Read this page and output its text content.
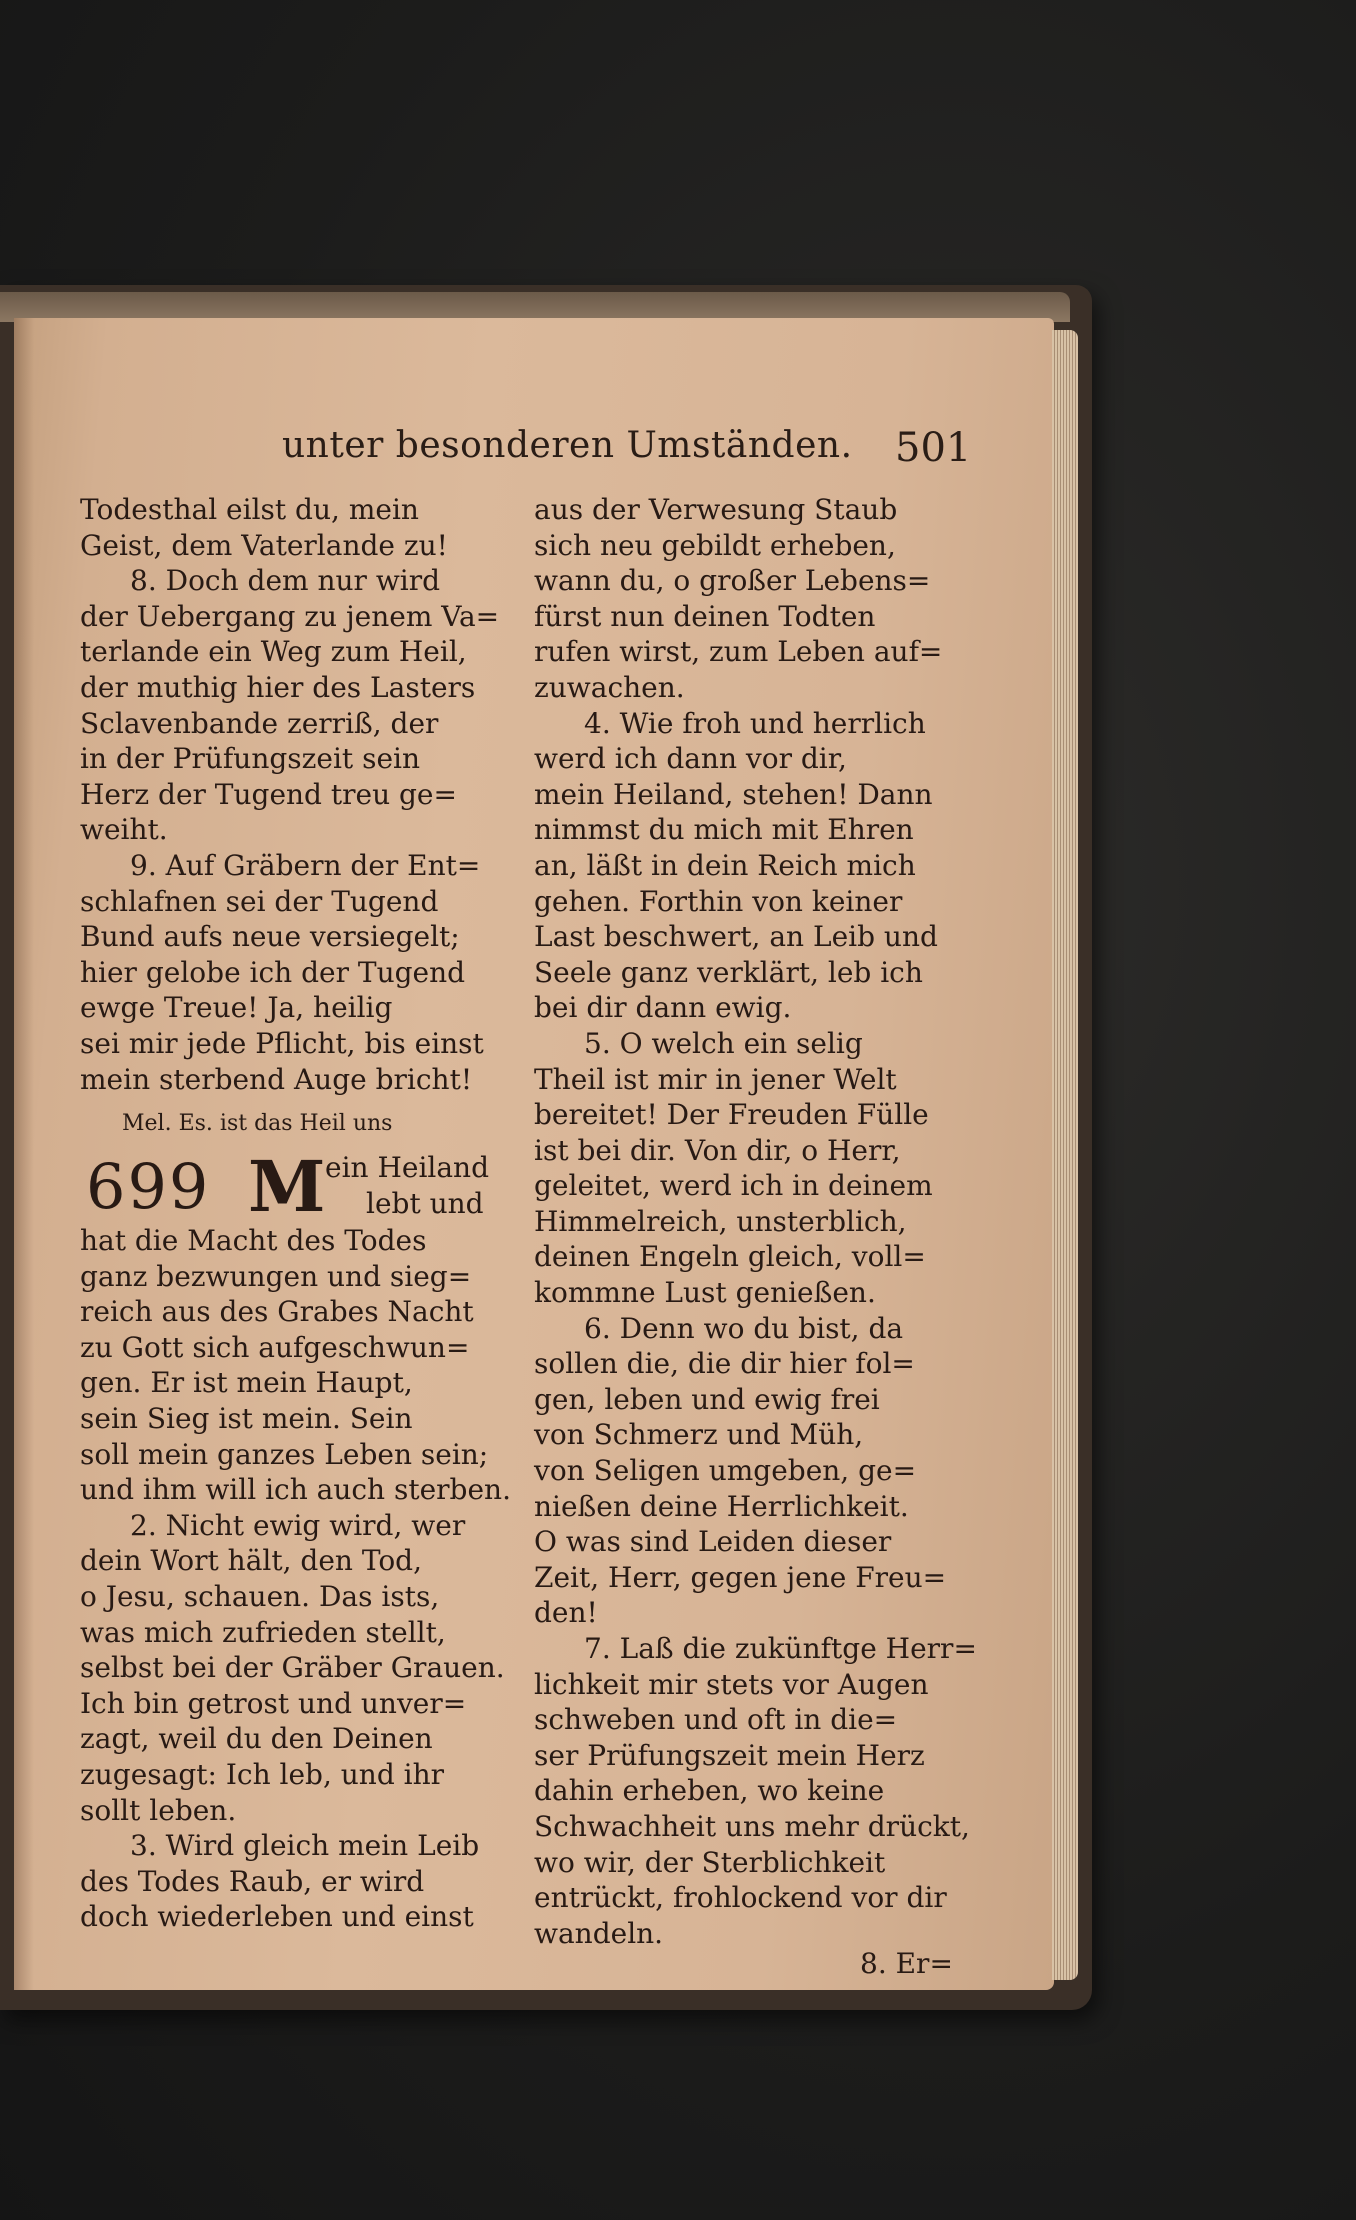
unter besonderen Umständen. 501
Todesthal eilst du, mein
Geist, dem Vaterlande zu!
8. Doch dem nur wird
der Uebergang zu jenem Va=
terlande ein Weg zum Heil,
der muthig hier des Lasters
Sclavenbande zerriß, der
in der Prüfungszeit sein
Herz der Tugend treu ge=
weiht.
9. Auf Gräbern der Ent=
schlafnen sei der Tugend
Bund aufs neue versiegelt;
hier gelobe ich der Tugend
ewge Treue! Ja, heilig
sei mir jede Pflicht, bis einst
mein sterbend Auge bricht!
Mel. Es. ist das Heil uns
699 M ein Heiland
lebt und
hat die Macht des Todes
ganz bezwungen und sieg=
reich aus des Grabes Nacht
zu Gott sich aufgeschwun=
gen. Er ist mein Haupt,
sein Sieg ist mein. Sein
soll mein ganzes Leben sein;
und ihm will ich auch sterben.
2. Nicht ewig wird, wer
dein Wort hält, den Tod,
o Jesu, schauen. Das ists,
was mich zufrieden stellt,
selbst bei der Gräber Grauen.
Ich bin getrost und unver=
zagt, weil du den Deinen
zugesagt: Ich leb, und ihr
sollt leben.
3. Wird gleich mein Leib
des Todes Raub, er wird
doch wiederleben und einst
aus der Verwesung Staub
sich neu gebildt erheben,
wann du, o großer Lebens=
fürst nun deinen Todten
rufen wirst, zum Leben auf=
zuwachen.
4. Wie froh und herrlich
werd ich dann vor dir,
mein Heiland, stehen! Dann
nimmst du mich mit Ehren
an, läßt in dein Reich mich
gehen. Forthin von keiner
Last beschwert, an Leib und
Seele ganz verklärt, leb ich
bei dir dann ewig.
5. O welch ein selig
Theil ist mir in jener Welt
bereitet! Der Freuden Fülle
ist bei dir. Von dir, o Herr,
geleitet, werd ich in deinem
Himmelreich, unsterblich,
deinen Engeln gleich, voll=
kommne Lust genießen.
6. Denn wo du bist, da
sollen die, die dir hier fol=
gen, leben und ewig frei
von Schmerz und Müh,
von Seligen umgeben, ge=
nießen deine Herrlichkeit.
O was sind Leiden dieser
Zeit, Herr, gegen jene Freu=
den!
7. Laß die zukünftge Herr=
lichkeit mir stets vor Augen
schweben und oft in die=
ser Prüfungszeit mein Herz
dahin erheben, wo keine
Schwachheit uns mehr drückt,
wo wir, der Sterblichkeit
entrückt, frohlockend vor dir
wandeln.
8. Er=
